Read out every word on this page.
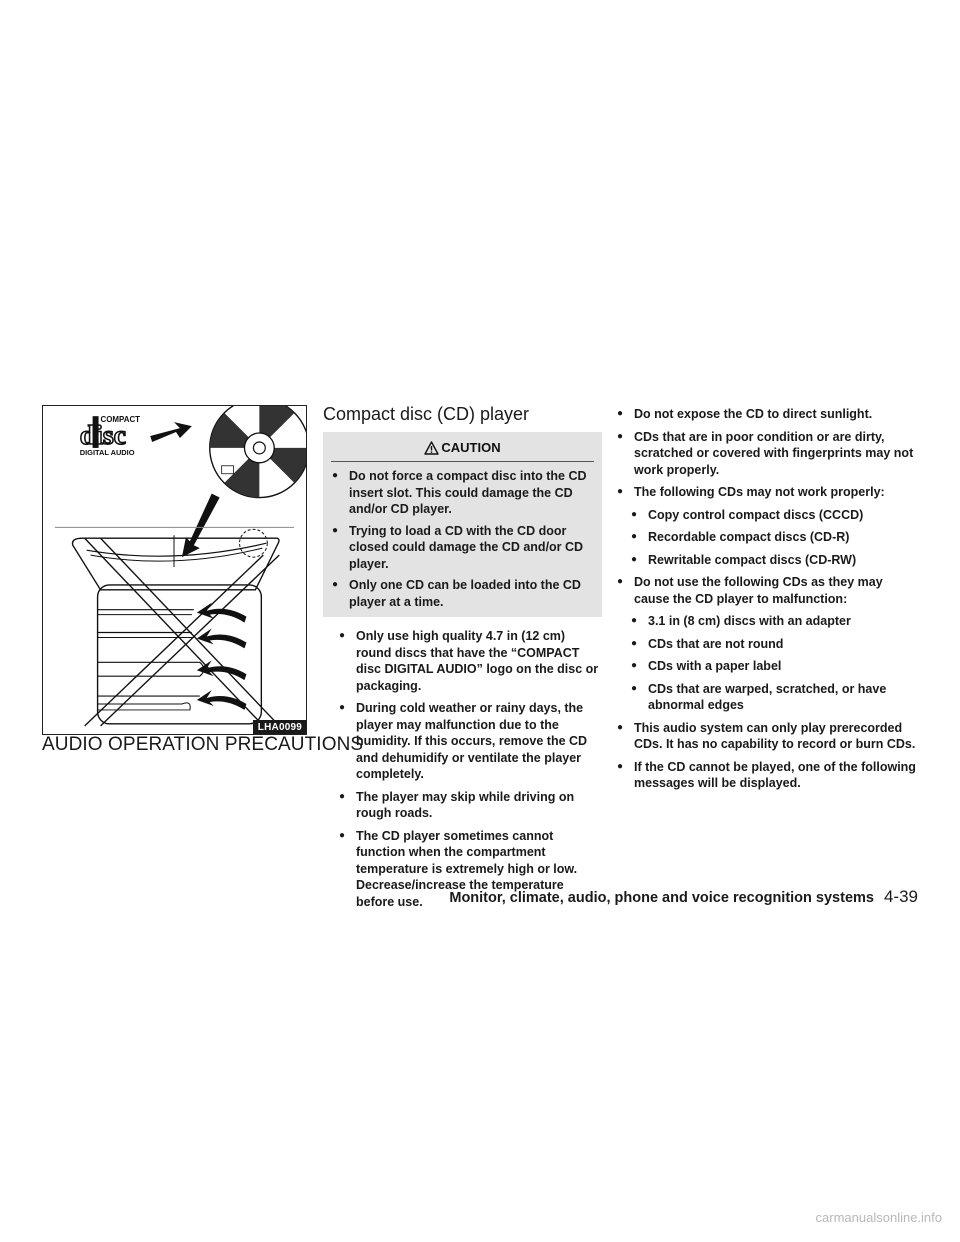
COMPACT
disc
DIGITAL AUDIO
LHA0099
AUDIO OPERATION PRECAUTIONS
Compact disc (CD) player
CAUTION
● Do not force a compact disc into the CD insert slot. This could damage the CD and/or CD player.
● Trying to load a CD with the CD door closed could damage the CD and/or CD player.
● Only one CD can be loaded into the CD player at a time.
● Only use high quality 4.7 in (12 cm) round discs that have the “COMPACT disc DIGITAL AUDIO” logo on the disc or packaging.
● During cold weather or rainy days, the player may malfunction due to the humidity. If this occurs, remove the CD and dehumidify or ventilate the player completely.
● The player may skip while driving on rough roads.
● The CD player sometimes cannot function when the compartment temperature is extremely high or low. Decrease/increase the temperature before use.
● Do not expose the CD to direct sunlight.
● CDs that are in poor condition or are dirty, scratched or covered with fingerprints may not work properly.
● The following CDs may not work properly:
● Copy control compact discs (CCCD)
● Recordable compact discs (CD-R)
● Rewritable compact discs (CD-RW)
● Do not use the following CDs as they may cause the CD player to malfunction:
● 3.1 in (8 cm) discs with an adapter
● CDs that are not round
● CDs with a paper label
● CDs that are warped, scratched, or have abnormal edges
● This audio system can only play prerecorded CDs. It has no capability to record or burn CDs.
● If the CD cannot be played, one of the following messages will be displayed.
Monitor, climate, audio, phone and voice recognition systems 4-39
carmanualsonline.info
